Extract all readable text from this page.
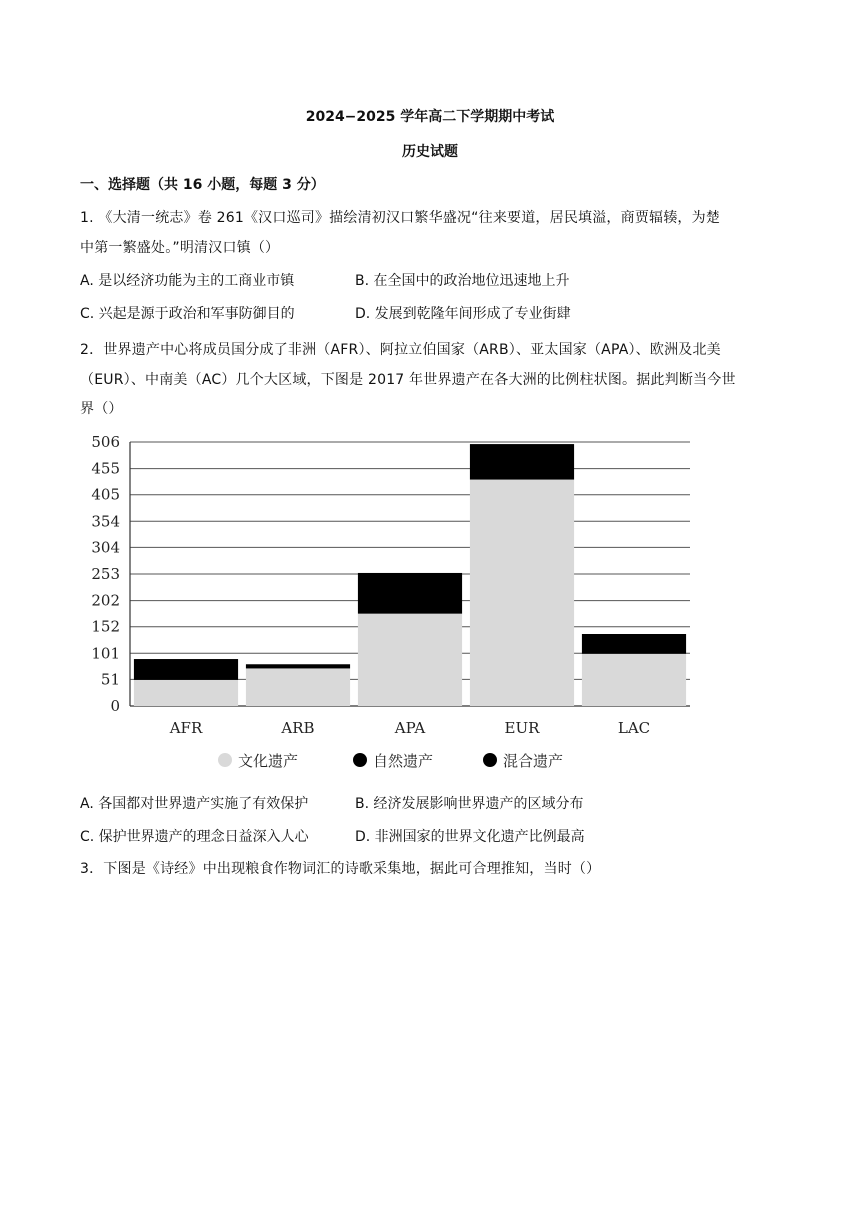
2024−2025 学年高二下学期期中考试
历史试题
一、选择题（共 16 小题，每题 3 分）
1. 《大清一统志》卷 261《汉口巡司》描绘清初汉口繁华盛况“往来要道，居民填溢，商贾辐辏，为楚
中第一繁盛处。”明清汉口镇（）
A. 是以经济功能为主的工商业市镇	B. 在全国中的政治地位迅速地上升
C. 兴起是源于政治和军事防御目的	D. 发展到乾隆年间形成了专业街肆
2．世界遗产中心将成员国分成了非洲（AFR）、阿拉立伯国家（ARB）、亚太国家（APA）、欧洲及北美
（EUR）、中南美（AC）几个大区域，下图是 2017 年世界遗产在各大洲的比例柱状图。据此判断当今世
界（）
0
51
101
152
202
253
304
354
405
455
506
AFR	ARB	APA	EUR	LAC
文化遗产	自然遗产	混合遗产
A. 各国都对世界遗产实施了有效保护	B. 经济发展影响世界遗产的区域分布
C. 保护世界遗产的理念日益深入人心	D. 非洲国家的世界文化遗产比例最高
3．下图是《诗经》中出现粮食作物词汇的诗歌采集地，据此可合理推知，当时（）
